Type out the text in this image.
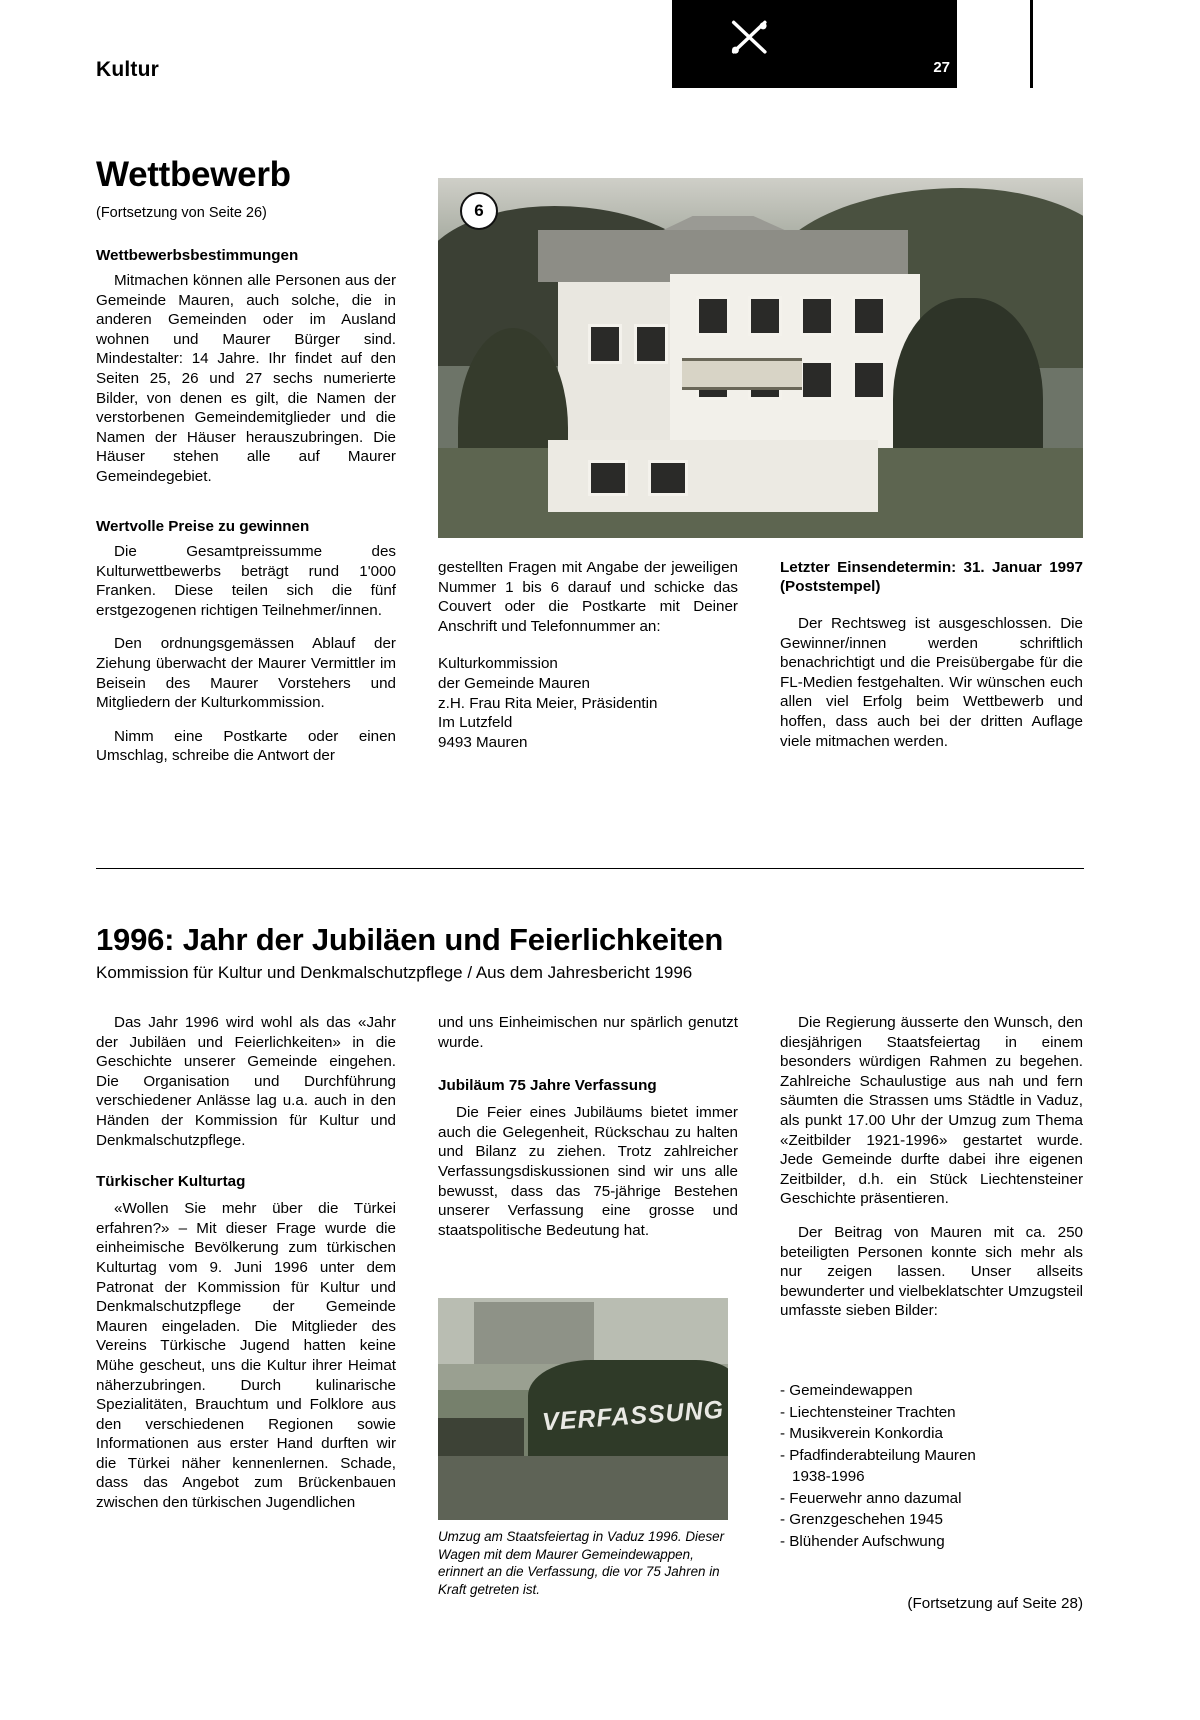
Kultur	27
Wettbewerb
(Fortsetzung von Seite 26)
Wettbewerbsbestimmungen

Mitmachen können alle Personen aus der Gemeinde Mauren, auch solche, die in anderen Gemeinden oder im Ausland wohnen und Maurer Bürger sind. Mindestalter: 14 Jahre. Ihr findet auf den Seiten 25, 26 und 27 sechs numerierte Bilder, von denen es gilt, die Namen der verstorbenen Gemeindemitglieder und die Namen der Häuser herauszubringen. Die Häuser stehen alle auf Maurer Gemeindegebiet.

6
Wertvolle Preise zu gewinnen

Die Gesamtpreissumme des Kulturwettbewerbs beträgt rund 1'000 Franken. Diese teilen sich die fünf erstgezogenen richtigen Teilnehmer/innen.

Den ordnungsgemässen Ablauf der Ziehung überwacht der Maurer Vermittler im Beisein des Maurer Vorstehers und Mitgliedern der Kulturkommission.

Nimm eine Postkarte oder einen Umschlag, schreibe die Antwort der

gestellten Fragen mit Angabe der jeweiligen Nummer 1 bis 6 darauf und schicke das Couvert oder die Postkarte mit Deiner Anschrift und Telefonnummer an:

Kulturkommission
der Gemeinde Mauren
z.H. Frau Rita Meier, Präsidentin
Im Lutzfeld
9493 Mauren
Letzter Einsendetermin: 31. Januar 1997 (Poststempel)

Der Rechtsweg ist ausgeschlossen. Die Gewinner/innen werden schriftlich benachrichtigt und die Preisübergabe für die FL-Medien festgehalten. Wir wünschen euch allen viel Erfolg beim Wettbewerb und hoffen, dass auch bei der dritten Auflage viele mitmachen werden.

1996: Jahr der Jubiläen und Feierlichkeiten
Kommission für Kultur und Denkmalschutzpflege / Aus dem Jahresbericht 1996

Das Jahr 1996 wird wohl als das «Jahr der Jubiläen und Feierlichkeiten» in die Geschichte unserer Gemeinde eingehen. Die Organisation und Durchführung verschiedener Anlässe lag u.a. auch in den Händen der Kommission für Kultur und Denkmalschutzpflege.

Türkischer Kulturtag

«Wollen Sie mehr über die Türkei erfahren?» – Mit dieser Frage wurde die einheimische Bevölkerung zum türkischen Kulturtag vom 9. Juni 1996 unter dem Patronat der Kommission für Kultur und Denkmalschutzpflege der Gemeinde Mauren eingeladen. Die Mitglieder des Vereins Türkische Jugend hatten keine Mühe gescheut, uns die Kultur ihrer Heimat näherzubringen. Durch kulinarische Spezialitäten, Brauchtum und Folklore aus den verschiedenen Regionen sowie Informationen aus erster Hand durften wir die Türkei näher kennenlernen. Schade, dass das Angebot zum Brückenbauen zwischen den türkischen Jugendlichen

und uns Einheimischen nur spärlich genutzt wurde.

Jubiläum 75 Jahre Verfassung

Die Feier eines Jubiläums bietet immer auch die Gelegenheit, Rückschau zu halten und Bilanz zu ziehen. Trotz zahlreicher Verfassungsdiskussionen sind wir uns alle bewusst, dass das 75-jährige Bestehen unserer Verfassung eine grosse und staatspolitische Bedeutung hat.

VERFASSUNG
Umzug am Staatsfeiertag in Vaduz 1996. Dieser Wagen mit dem Maurer Gemeindewappen, erinnert an die Verfassung, die vor 75 Jahren in Kraft getreten ist.

Die Regierung äusserte den Wunsch, den diesjährigen Staatsfeiertag in einem besonders würdigen Rahmen zu begehen. Zahlreiche Schaulustige aus nah und fern säumten die Strassen ums Städtle in Vaduz, als punkt 17.00 Uhr der Umzug zum Thema «Zeitbilder 1921-1996» gestartet wurde. Jede Gemeinde durfte dabei ihre eigenen Zeitbilder, d.h. ein Stück Liechtensteiner Geschichte präsentieren.

Der Beitrag von Mauren mit ca. 250 beteiligten Personen konnte sich mehr als nur zeigen lassen. Unser allseits bewunderter und vielbeklatschter Umzugsteil umfasste sieben Bilder:

- Gemeindewappen
- Liechtensteiner Trachten
- Musikverein Konkordia
- Pfadfinderabteilung Mauren
1938-1996
- Feuerwehr anno dazumal
- Grenzgeschehen 1945
- Blühender Aufschwung
(Fortsetzung auf Seite 28)
